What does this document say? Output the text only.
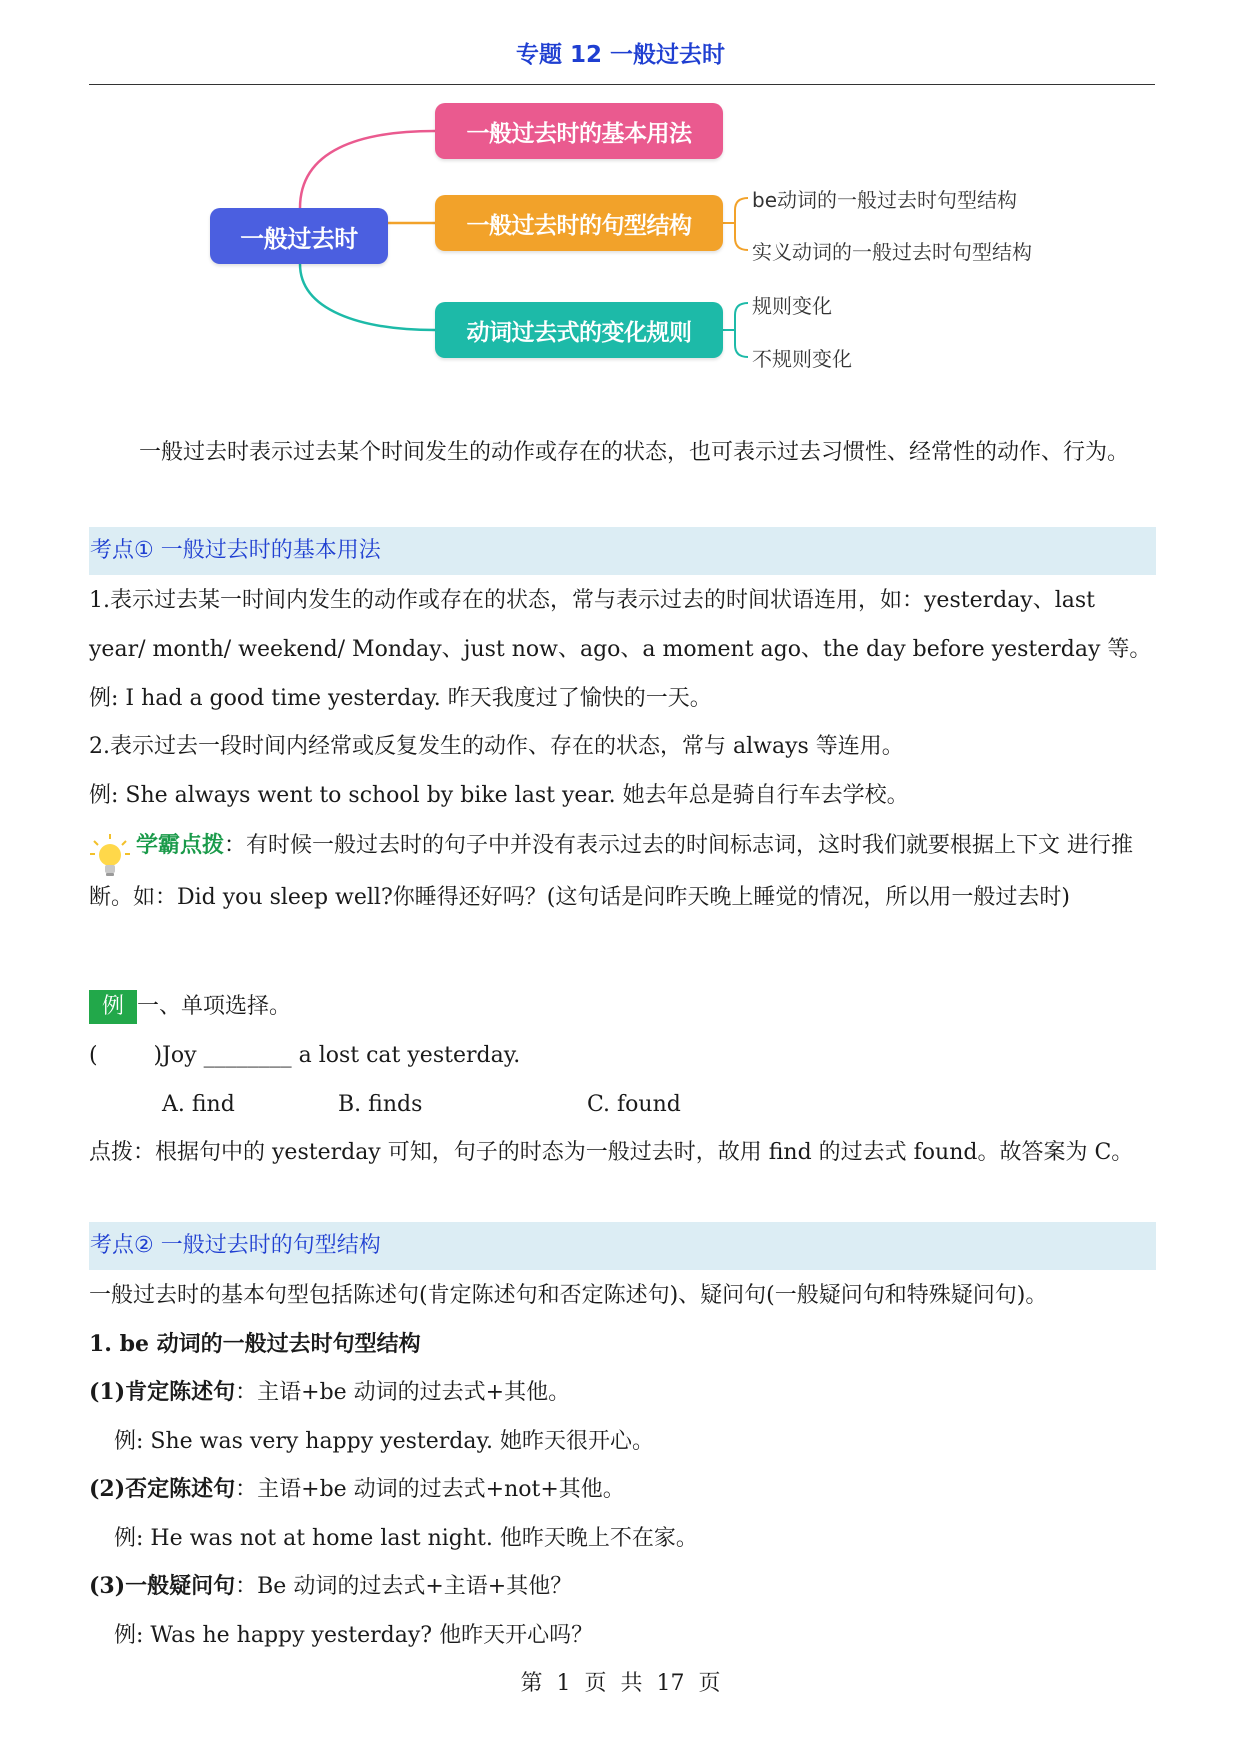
专题 12 一般过去时
一般过去时
一般过去时的基本用法
一般过去时的句型结构
动词过去式的变化规则
be动词的一般过去时句型结构
实义动词的一般过去时句型结构
规则变化
不规则变化
一般过去时表示过去某个时间发生的动作或存在的状态，也可表示过去习惯性、经常性的动作、行为。
考点① 一般过去时的基本用法
1.表示过去某一时间内发生的动作或存在的状态，常与表示过去的时间状语连用，如：yesterday、last year/ month/ weekend/ Monday、just now、ago、a moment ago、the day before yesterday 等。
例: I had a good time yesterday. 昨天我度过了愉快的一天。
2.表示过去一段时间内经常或反复发生的动作、存在的状态，常与 always 等连用。
例: She always went to school by bike last year. 她去年总是骑自行车去学校。
学霸点拨：有时候一般过去时的句子中并没有表示过去的时间标志词，这时我们就要根据上下文 进行推断。如：Did you sleep well?你睡得还好吗？(这句话是问昨天晚上睡觉的情况，所以用一般过去时)
例 一、单项选择。
(        )Joy ________ a lost cat yesterday.
A. find	B. finds	C. found
点拨：根据句中的 yesterday 可知，句子的时态为一般过去时，故用 find 的过去式 found。故答案为 C。
考点② 一般过去时的句型结构
一般过去时的基本句型包括陈述句(肯定陈述句和否定陈述句)、疑问句(一般疑问句和特殊疑问句)。
1. be 动词的一般过去时句型结构
(1)肯定陈述句：主语+be 动词的过去式+其他。
例: She was very happy yesterday. 她昨天很开心。
(2)否定陈述句：主语+be 动词的过去式+not+其他。
例: He was not at home last night. 他昨天晚上不在家。
(3)一般疑问句：Be 动词的过去式+主语+其他？
例: Was he happy yesterday? 他昨天开心吗？
第  1  页  共  17  页
